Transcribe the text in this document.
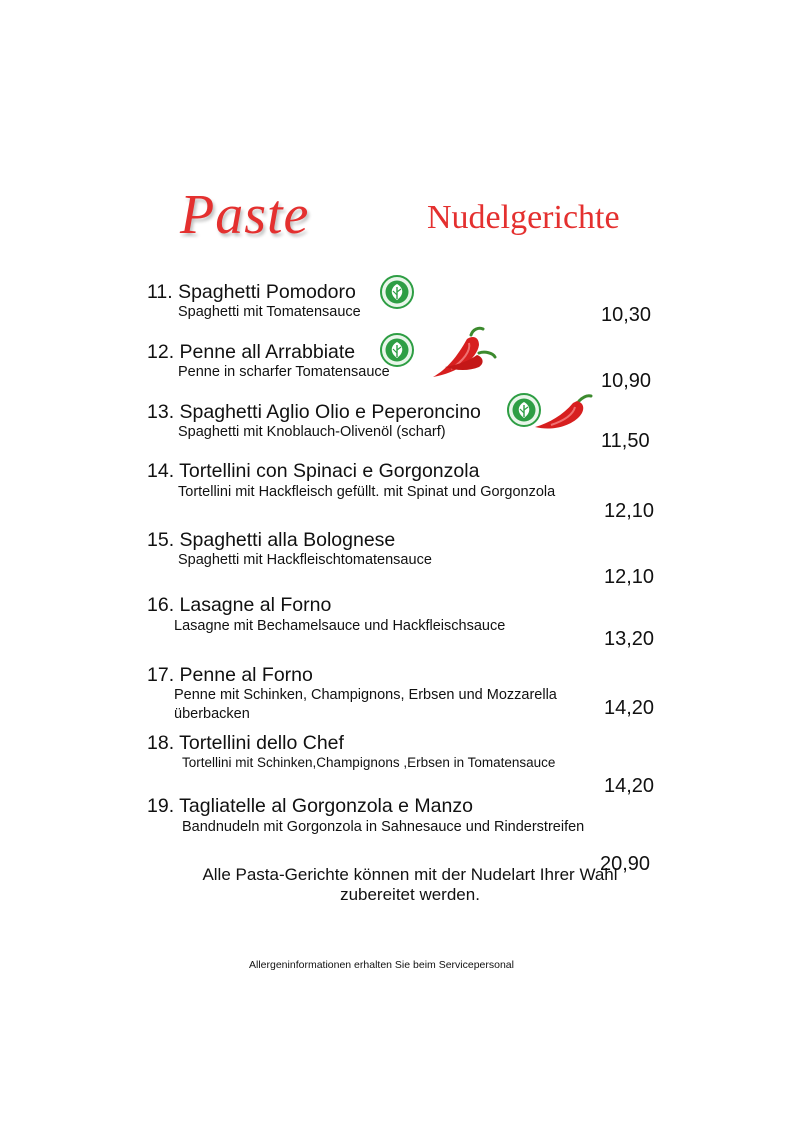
Paste	Nudelgerichte
11. Spaghetti Pomodoro
Spaghetti mit Tomatensauce	10,30
12. Penne all Arrabbiate
Penne in scharfer Tomatensauce	10,90
13. Spaghetti Aglio Olio e Peperoncino
Spaghetti mit Knoblauch-Olivenöl (scharf)	11,50
14. Tortellini con Spinaci e Gorgonzola
Tortellini mit Hackfleisch gefüllt. mit Spinat und Gorgonzola
12,10
15. Spaghetti alla Bolognese
Spaghetti mit Hackfleischtomatensauce
12,10
16. Lasagne al Forno
Lasagne mit Bechamelsauce und Hackfleischsauce
13,20
17. Penne al Forno
Penne mit Schinken, Champignons, Erbsen und Mozzarella
überbacken	14,20
18. Tortellini dello Chef
Tortellini mit Schinken,Champignons ,Erbsen in Tomatensauce
14,20
19. Tagliatelle al Gorgonzola e Manzo
Bandnudeln mit Gorgonzola in Sahnesauce und Rinderstreifen
20,90
Alle Pasta-Gerichte können mit der Nudelart Ihrer Wahl zubereitet werden.
Allergeninformationen erhalten Sie beim Servicepersonal
